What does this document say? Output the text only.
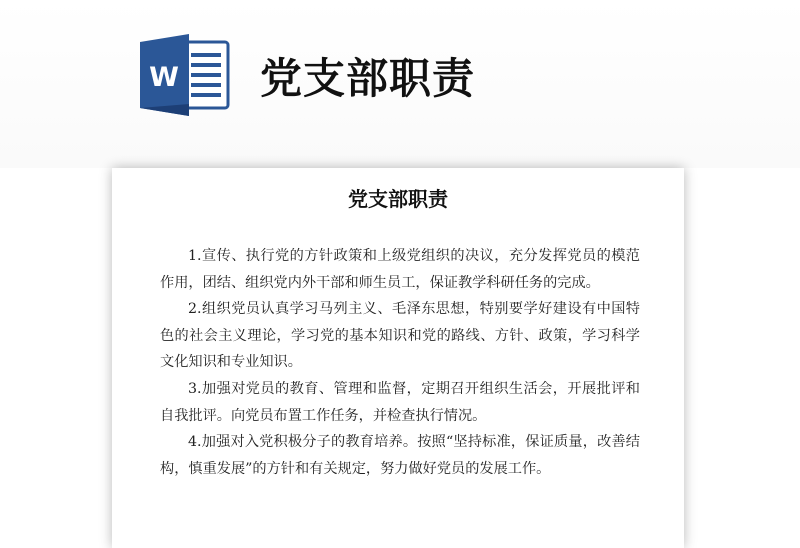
W 党支部职责
党支部职责

1.宣传、执行党的方针政策和上级党组织的决议，充分发挥党员的模范作用，团结、组织党内外干部和师生员工，保证教学科研任务的完成。

2.组织党员认真学习马列主义、毛泽东思想，特别要学好建设有中国特色的社会主义理论，学习党的基本知识和党的路线、方针、政策，学习科学文化知识和专业知识。

3.加强对党员的教育、管理和监督，定期召开组织生活会，开展批评和自我批评。向党员布置工作任务，并检查执行情况。

4.加强对入党积极分子的教育培养。按照“坚持标准，保证质量，改善结构，慎重发展”的方针和有关规定，努力做好党员的发展工作。
